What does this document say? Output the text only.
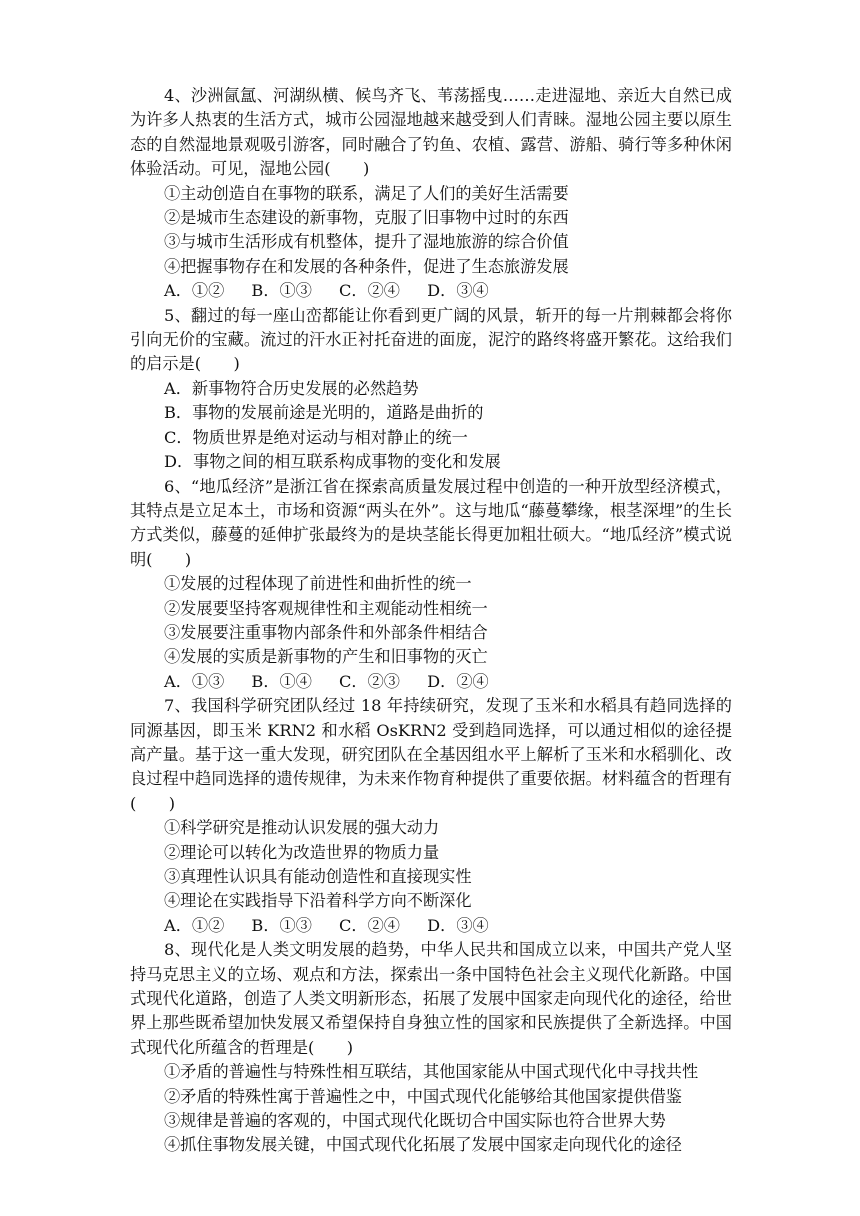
4、沙洲氤氲、河湖纵横、候鸟齐飞、苇荡摇曳……走进湿地、亲近大自然已成为许多人热衷的生活方式，城市公园湿地越来越受到人们青睐。湿地公园主要以原生态的自然湿地景观吸引游客，同时融合了钓鱼、农植、露营、游船、骑行等多种休闲体验活动。可见，湿地公园(　　)

①主动创造自在事物的联系，满足了人们的美好生活需要

②是城市生态建设的新事物，克服了旧事物中过时的东西

③与城市生活形成有机整体，提升了湿地旅游的综合价值

④把握事物存在和发展的各种条件，促进了生态旅游发展

A．①② B．①③ C．②④ D．③④

5、翻过的每一座山峦都能让你看到更广阔的风景，斩开的每一片荆棘都会将你引向无价的宝藏。流过的汗水正衬托奋进的面庞，泥泞的路终将盛开繁花。这给我们的启示是(　　)

A．新事物符合历史发展的必然趋势

B．事物的发展前途是光明的，道路是曲折的

C．物质世界是绝对运动与相对静止的统一

D．事物之间的相互联系构成事物的变化和发展

6、“地瓜经济”是浙江省在探索高质量发展过程中创造的一种开放型经济模式，其特点是立足本土，市场和资源“两头在外”。这与地瓜“藤蔓攀缘，根茎深埋”的生长方式类似，藤蔓的延伸扩张最终为的是块茎能长得更加粗壮硕大。“地瓜经济”模式说明(　　)

①发展的过程体现了前进性和曲折性的统一

②发展要坚持客观规律性和主观能动性相统一

③发展要注重事物内部条件和外部条件相结合

④发展的实质是新事物的产生和旧事物的灭亡

A．①③ B．①④ C．②③ D．②④

7、我国科学研究团队经过 18 年持续研究，发现了玉米和水稻具有趋同选择的同源基因，即玉米 KRN2 和水稻 OsKRN2 受到趋同选择，可以通过相似的途径提高产量。基于这一重大发现，研究团队在全基因组水平上解析了玉米和水稻驯化、改良过程中趋同选择的遗传规律，为未来作物育种提供了重要依据。材料蕴含的哲理有(　　)

①科学研究是推动认识发展的强大动力

②理论可以转化为改造世界的物质力量

③真理性认识具有能动创造性和直接现实性

④理论在实践指导下沿着科学方向不断深化

A．①② B．①③ C．②④ D．③④

8、现代化是人类文明发展的趋势，中华人民共和国成立以来，中国共产党人坚持马克思主义的立场、观点和方法，探索出一条中国特色社会主义现代化新路。中国式现代化道路，创造了人类文明新形态，拓展了发展中国家走向现代化的途径，给世界上那些既希望加快发展又希望保持自身独立性的国家和民族提供了全新选择。中国式现代化所蕴含的哲理是(　　)

①矛盾的普遍性与特殊性相互联结，其他国家能从中国式现代化中寻找共性

②矛盾的特殊性寓于普遍性之中，中国式现代化能够给其他国家提供借鉴

③规律是普遍的客观的，中国式现代化既切合中国实际也符合世界大势

④抓住事物发展关键，中国式现代化拓展了发展中国家走向现代化的途径
